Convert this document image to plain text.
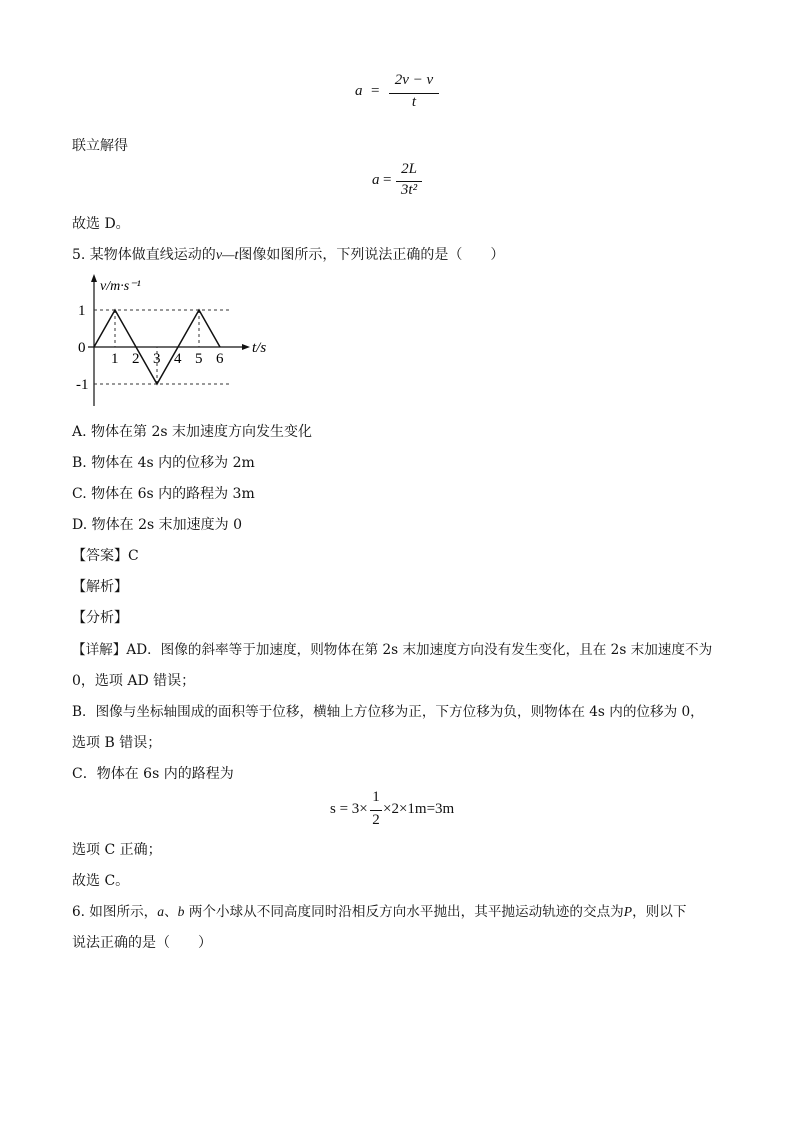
a =
2v − v
t
联立解得
a =
2L
3t²
故选 D。
5. 某物体做直线运动的v—t图像如图所示，下列说法正确的是（　　）
v/m·s⁻¹
t/s
1 2 3 4 5 6
1
0
-1
A. 物体在第 2s 末加速度方向发生变化
B. 物体在 4s 内的位移为 2m
C. 物体在 6s 内的路程为 3m
D. 物体在 2s 末加速度为 0
【答案】C
【解析】
【分析】
【详解】AD．图像的斜率等于加速度，则物体在第 2s 末加速度方向没有发生变化，且在 2s 末加速度不为
0，选项 AD 错误；
B．图像与坐标轴围成的面积等于位移，横轴上方位移为正，下方位移为负，则物体在 4s 内的位移为 0，
选项 B 错误；
C．物体在 6s 内的路程为
s = 3×
1
2
×2×1m=3m
选项 C 正确；
故选 C。
6. 如图所示，a、b 两个小球从不同高度同时沿相反方向水平抛出，其平抛运动轨迹的交点为P，则以下
说法正确的是（　　）
